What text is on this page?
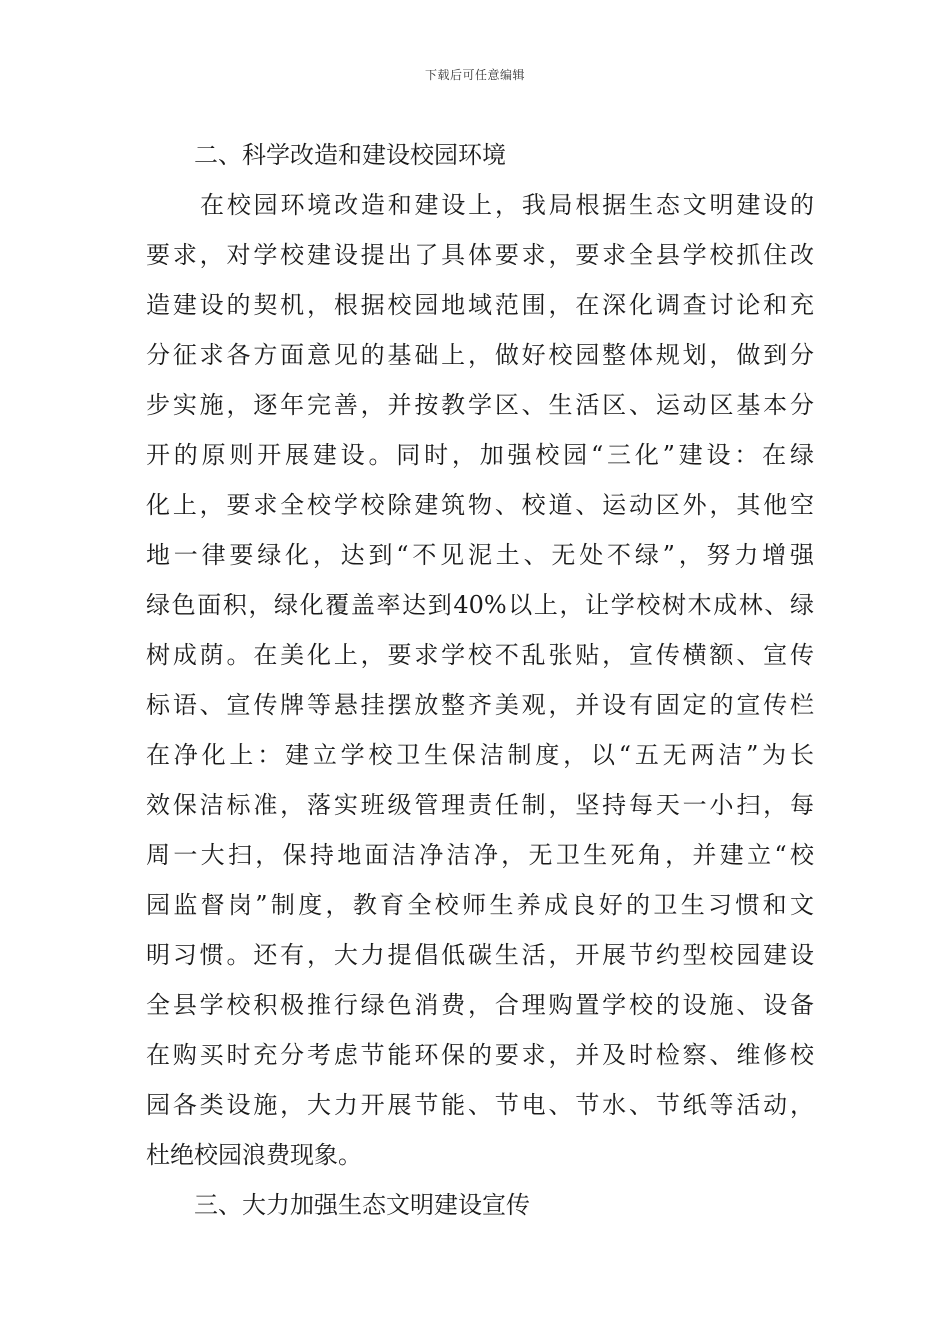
下载后可任意编辑
二、科学改造和建设校园环境
在校园环境改造和建设上，我局根据生态文明建设的
要求，对学校建设提出了具体要求，要求全县学校抓住改
造建设的契机，根据校园地域范围，在深化调查讨论和充
分征求各方面意见的基础上，做好校园整体规划，做到分
步实施，逐年完善，并按教学区、生活区、运动区基本分
开的原则开展建设。同时，加强校园“三化”建设：在绿
化上，要求全校学校除建筑物、校道、运动区外，其他空
地一律要绿化，达到“不见泥土、无处不绿”，努力增强
绿色面积，绿化覆盖率达到40%以上，让学校树木成林、绿
树成荫。在美化上，要求学校不乱张贴，宣传横额、宣传
标语、宣传牌等悬挂摆放整齐美观，并设有固定的宣传栏
在净化上：建立学校卫生保洁制度，以“五无两洁”为长
效保洁标准，落实班级管理责任制，坚持每天一小扫，每
周一大扫，保持地面洁净洁净，无卫生死角，并建立“校
园监督岗”制度，教育全校师生养成良好的卫生习惯和文
明习惯。还有，大力提倡低碳生活，开展节约型校园建设
全县学校积极推行绿色消费，合理购置学校的设施、设备
在购买时充分考虑节能环保的要求，并及时检察、维修校
园各类设施，大力开展节能、节电、节水、节纸等活动，
杜绝校园浪费现象。
三、大力加强生态文明建设宣传
